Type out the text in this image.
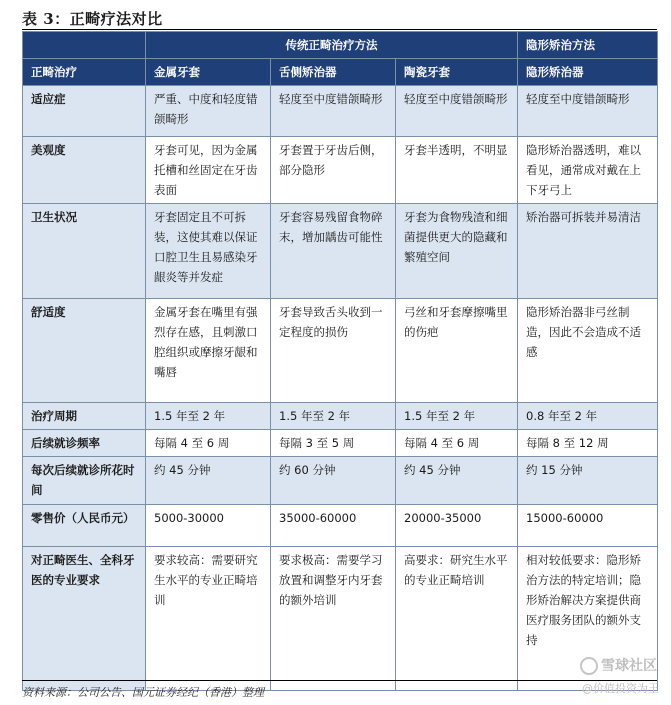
表 3：正畸疗法对比
	传统正畸治疗方法			隐形矫治方法
正畸治疗	金属牙套	舌侧矫治器	陶瓷牙套	隐形矫治器
适应症	严重、中度和轻度错颌畸形	轻度至中度错颌畸形	轻度至中度错颌畸形	轻度至中度错颌畸形
美观度	牙套可见，因为金属托槽和丝固定在牙齿表面	牙套置于牙齿后侧，部分隐形	牙套半透明，不明显	隐形矫治器透明，难以看见，通常成对戴在上下牙弓上
卫生状况	牙套固定且不可拆装，这使其难以保证口腔卫生且易感染牙龈炎等并发症	牙套容易残留食物碎末，增加龋齿可能性	牙套为食物残渣和细菌提供更大的隐藏和繁殖空间	矫治器可拆装并易清洁
舒适度	金属牙套在嘴里有强烈存在感，且刺激口腔组织或摩擦牙龈和嘴唇	牙套导致舌头收到一定程度的损伤	弓丝和牙套摩擦嘴里的伤疤	隐形矫治器非弓丝制造，因此不会造成不适感
治疗周期	1.5 年至 2 年	1.5 年至 2 年	1.5 年至 2 年	0.8 年至 2 年
后续就诊频率	每隔 4 至 6 周	每隔 3 至 5 周	每隔 4 至 6 周	每隔 8 至 12 周
每次后续就诊所花时间	约 45 分钟	约 60 分钟	约 45 分钟	约 15 分钟
零售价（人民币元）	5000-30000	35000-60000	20000-35000	15000-60000
对正畸医生、全科牙医的专业要求	要求较高：需要研究生水平的专业正畸培训	要求极高：需要学习放置和调整牙内牙套的额外培训	高要求：研究生水平的专业正畸培训	相对较低要求：隐形矫治方法的特定培训；隐形矫治解决方案提供商医疗服务团队的额外支持
资料来源：公司公告、国元证券经纪（香港）整理
雪球社区
@价值投资为王
